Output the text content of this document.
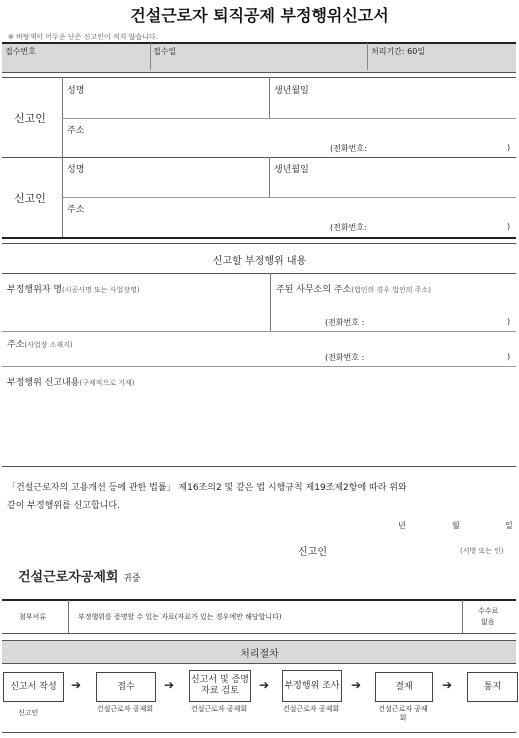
건설근로자 퇴직공제 부정행위신고서
※ 바탕색이 어두운 난은 신고인이 적지 않습니다.
접수번호	접수일	처리기간: 60일
신고인
성명	생년월일
주소
(전화번호:	)
신고인
성명	생년월일
주소
(전화번호:	)
신고할 부정행위 내용
부정행위자 명(시공사명 또는 사업장명)	주된 사무소의 주소(법인의 경우 법인의 주소)
(전화번호 :	)
주소(사업장 소재지)
(전화번호 :	)
부정행위 신고내용(구체적으로 기재)
「건설근로자의 고용개선 등에 관한 법률」 제16조의2 및 같은 법 시행규칙 제19조제2항에 따라 위와
같이 부정행위를 신고합니다.
년	월	일
신고인	(서명 또는 인)
건설근로자공제회 귀중
첨부서류	부정행위를 증명할 수 있는 자료(자료가 있는 경우에만 해당합니다)
수수료
없음
처리절차
신고서 작성	➔	접수	➔ 신고서 및 증명자료 검토	➔ 부정행위 조사 ➔	결재	➔	통지
신고인	건설근로자 공제회	건설근로자 공제회	건설근로자 공제회	건설근로자 공제회
